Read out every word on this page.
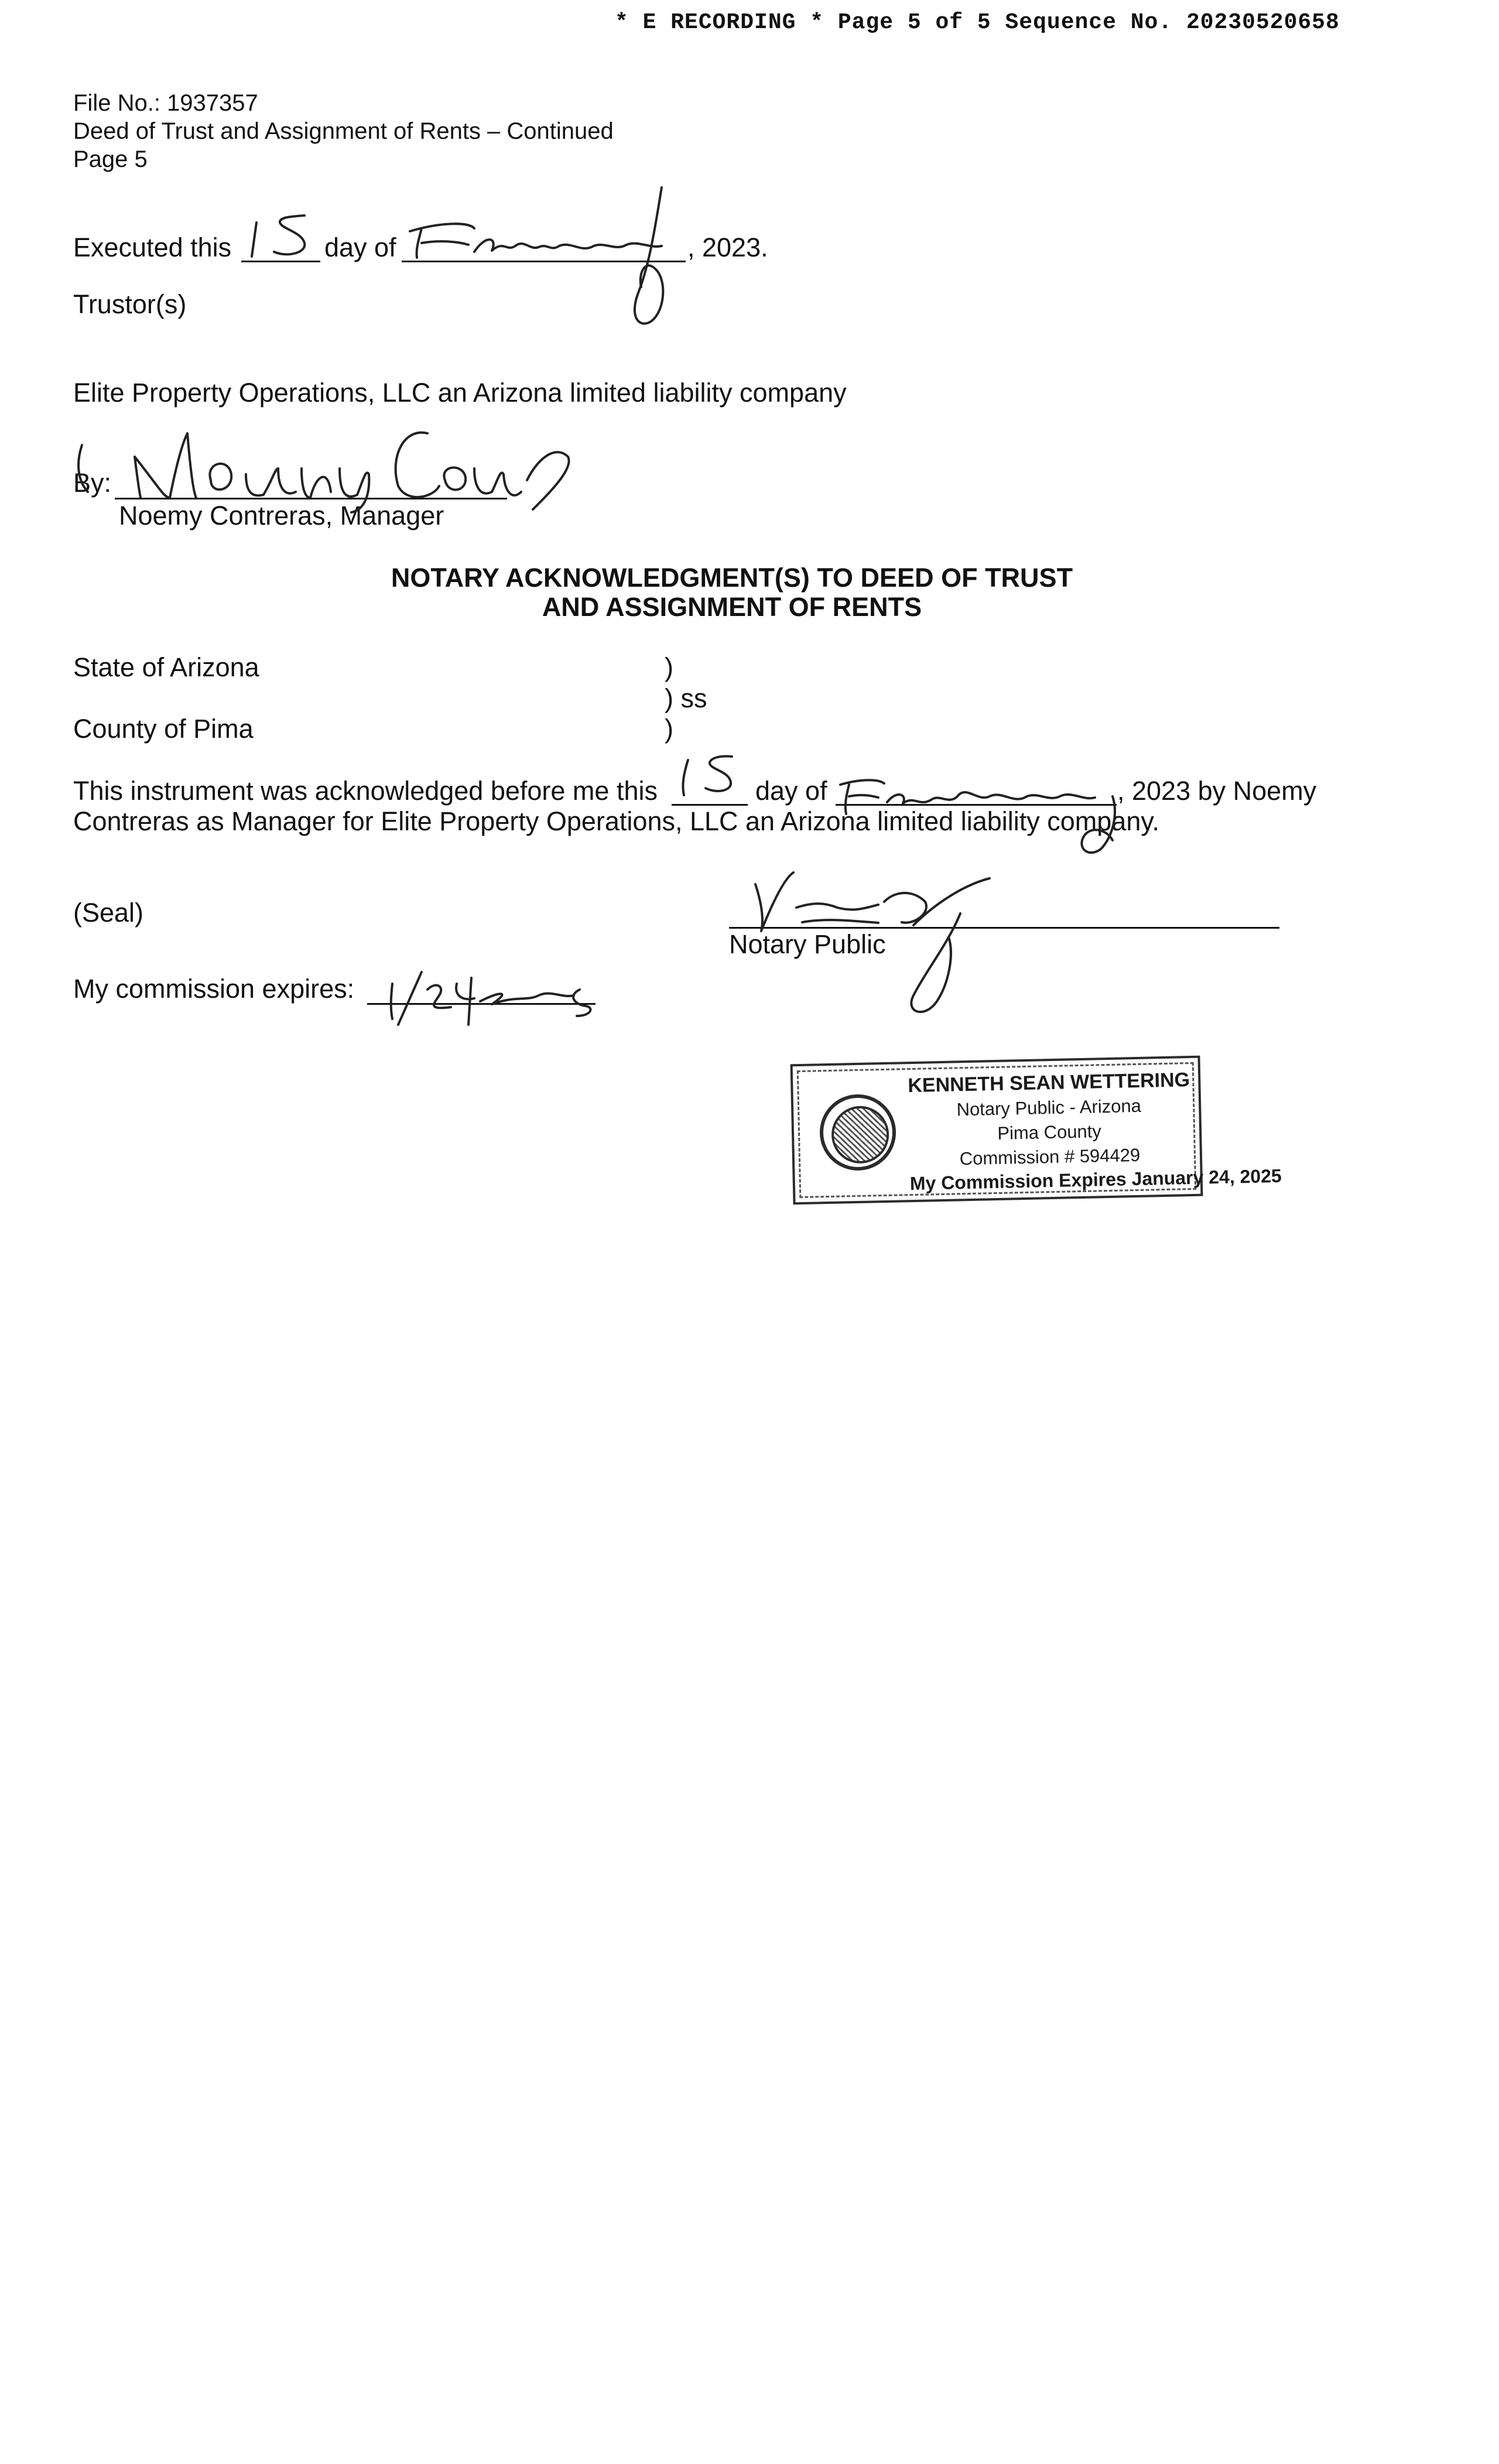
* E RECORDING * Page 5 of 5 Sequence No. 20230520658
File No.: 1937357
Deed of Trust and Assignment of Rents – Continued
Page 5
Executed this	day of	, 2023.
Trustor(s)
Elite Property Operations, LLC an Arizona limited liability company
By:
Noemy Contreras, Manager
NOTARY ACKNOWLEDGMENT(S) TO DEED OF TRUST
AND ASSIGNMENT OF RENTS
State of Arizona	)
) ss
County of Pima	)
This instrument was acknowledged before me this	day of	, 2023 by Noemy
Contreras as Manager for Elite Property Operations, LLC an Arizona limited liability company.
(Seal)
Notary Public
My commission expires:
KENNETH SEAN WETTERING
Notary Public - Arizona
Pima County
Commission # 594429
My Commission Expires January 24, 2025
